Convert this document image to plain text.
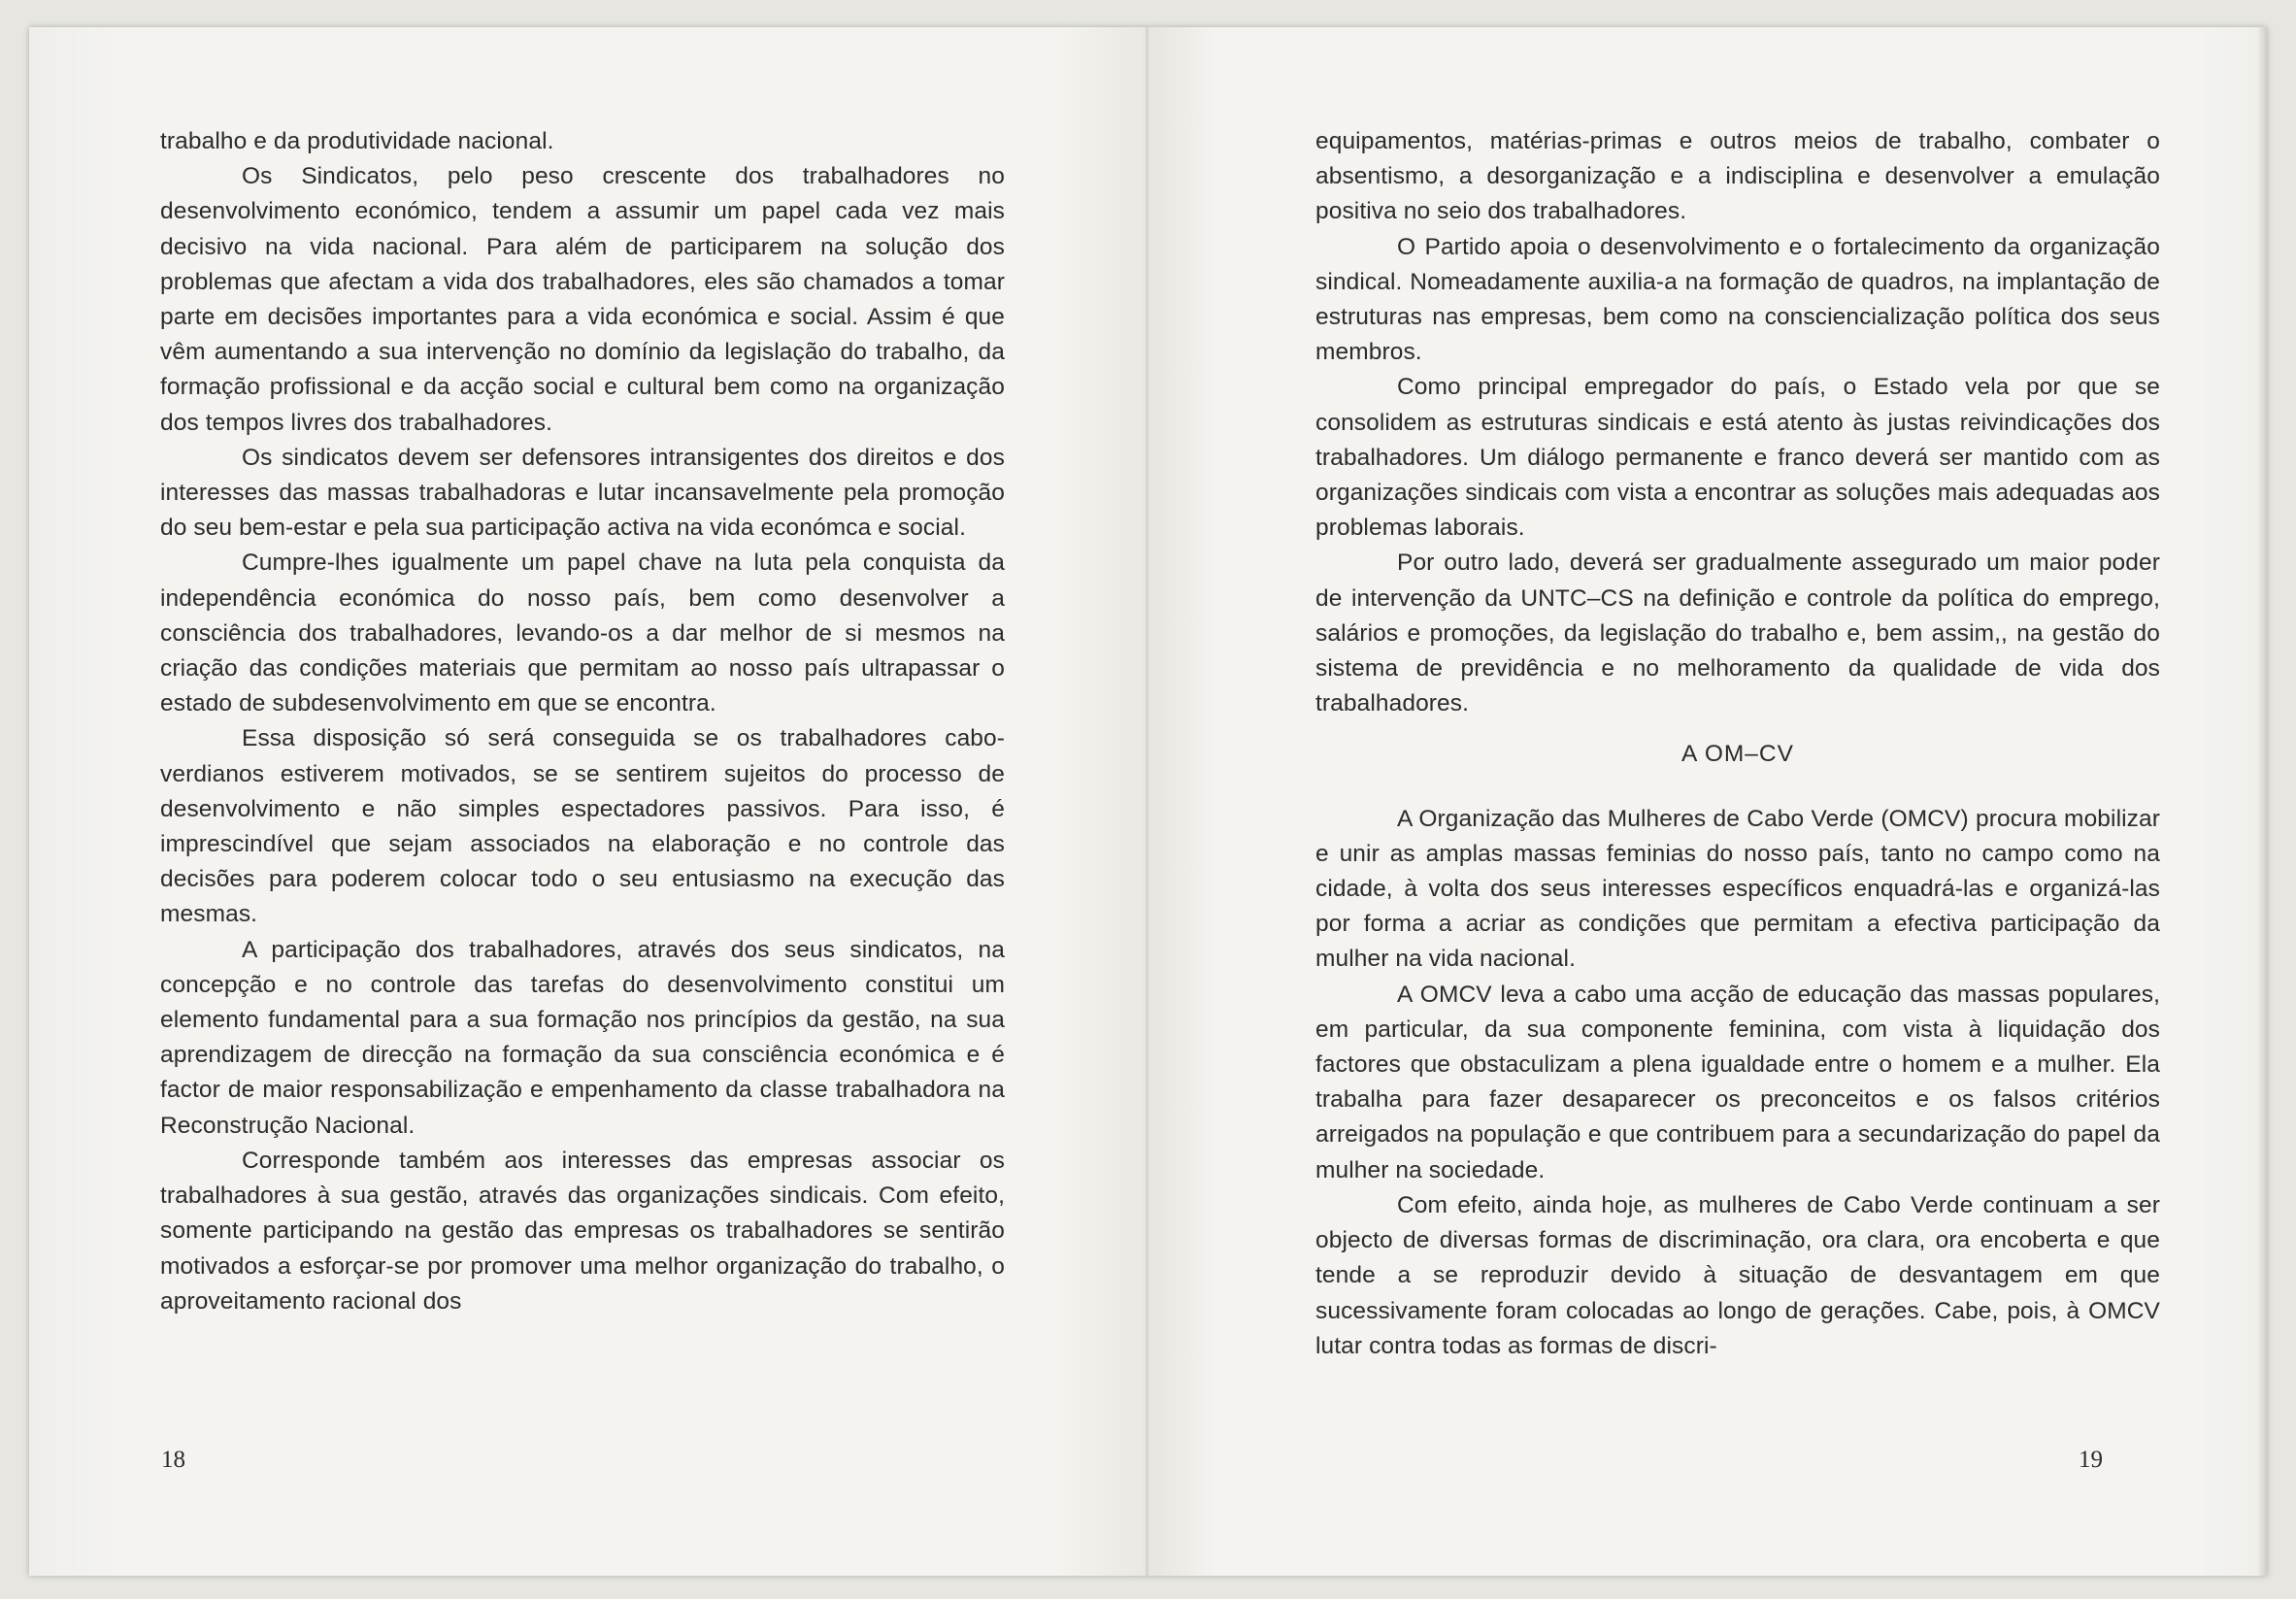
trabalho e da produtividade nacional.

Os Sindicatos, pelo peso crescente dos trabalhadores no desenvolvimento económico, tendem a assumir um papel cada vez mais decisivo na vida nacional. Para além de participarem na solução dos problemas que afectam a vida dos trabalhadores, eles são chamados a tomar parte em decisões importantes para a vida económica e social. Assim é que vêm aumentando a sua intervenção no domínio da legislação do trabalho, da formação profissional e da acção social e cultural bem como na organização dos tempos livres dos trabalhadores.

Os sindicatos devem ser defensores intransigentes dos direitos e dos interesses das massas trabalhadoras e lutar incansavelmente pela promoção do seu bem-estar e pela sua participação activa na vida económca e social.

Cumpre-lhes igualmente um papel chave na luta pela conquista da independência económica do nosso país, bem como desenvolver a consciência dos trabalhadores, levando-os a dar melhor de si mesmos na criação das condições materiais que permitam ao nosso país ultrapassar o estado de subdesenvolvimento em que se encontra.

Essa disposição só será conseguida se os trabalhadores cabo-verdianos estiverem motivados, se se sentirem sujeitos do processo de desenvolvimento e não simples espectadores passivos. Para isso, é imprescindível que sejam associados na elaboração e no controle das decisões para poderem colocar todo o seu entusiasmo na execução das mesmas.

A participação dos trabalhadores, através dos seus sindicatos, na concepção e no controle das tarefas do desenvolvimento constitui um elemento fundamental para a sua formação nos princípios da gestão, na sua aprendizagem de direcção na formação da sua consciência económica e é factor de maior responsabilização e empenhamento da classe trabalhadora na Reconstrução Nacional.

Corresponde também aos interesses das empresas associar os trabalhadores à sua gestão, através das organizações sindicais. Com efeito, somente participando na gestão das empresas os trabalhadores se sentirão motivados a esforçar-se por promover uma melhor organização do trabalho, o aproveitamento racional dos

18

equipamentos, matérias-primas e outros meios de trabalho, combater o absentismo, a desorganização e a indisciplina e desenvolver a emulação positiva no seio dos trabalhadores.

O Partido apoia o desenvolvimento e o fortalecimento da organização sindical. Nomeadamente auxilia-a na formação de quadros, na implantação de estruturas nas empresas, bem como na consciencialização política dos seus membros.

Como principal empregador do país, o Estado vela por que se consolidem as estruturas sindicais e está atento às justas reivindicações dos trabalhadores. Um diálogo permanente e franco deverá ser mantido com as organizações sindicais com vista a encontrar as soluções mais adequadas aos problemas laborais.

Por outro lado, deverá ser gradualmente assegurado um maior poder de intervenção da UNTC–CS na definição e controle da política do emprego, salários e promoções, da legislação do trabalho e, bem assim,, na gestão do sistema de previdência e no melhoramento da qualidade de vida dos trabalhadores.

A OM–CV

A Organização das Mulheres de Cabo Verde (OMCV) procura mobilizar e unir as amplas massas feminias do nosso país, tanto no campo como na cidade, à volta dos seus interesses específicos enquadrá-las e organizá-las por forma a acriar as condições que permitam a efectiva participação da mulher na vida nacional.

A OMCV leva a cabo uma acção de educação das massas populares, em particular, da sua componente feminina, com vista à liquidação dos factores que obstaculizam a plena igualdade entre o homem e a mulher. Ela trabalha para fazer desaparecer os preconceitos e os falsos critérios arreigados na população e que contribuem para a secundarização do papel da mulher na sociedade.

Com efeito, ainda hoje, as mulheres de Cabo Verde continuam a ser objecto de diversas formas de discriminação, ora clara, ora encoberta e que tende a se reproduzir devido à situação de desvantagem em que sucessivamente foram colocadas ao longo de gerações. Cabe, pois, à OMCV lutar contra todas as formas de discri-

19
